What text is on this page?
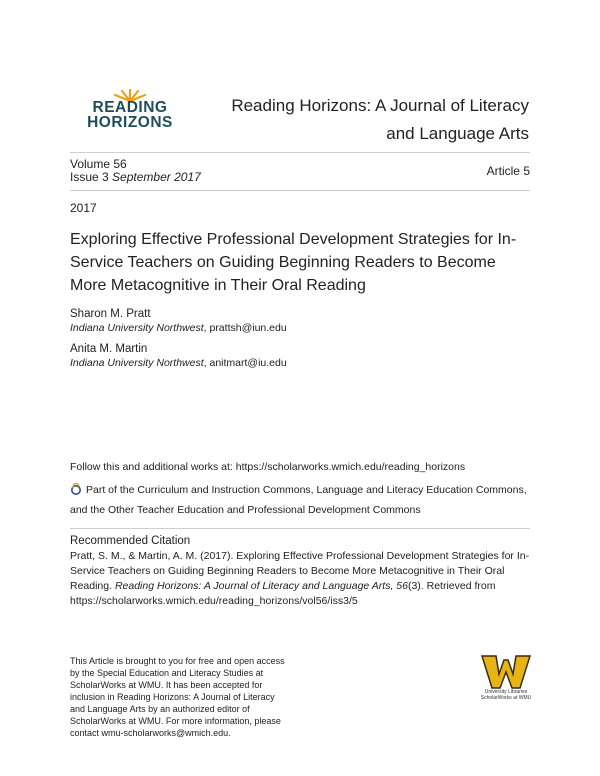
READING
HORIZONS
Reading Horizons: A Journal of Literacy and Language Arts
Volume 56
Issue 3 September 2017	Article 5
2017
Exploring Effective Professional Development Strategies for In-Service Teachers on Guiding Beginning Readers to Become More Metacognitive in Their Oral Reading
Sharon M. Pratt
Indiana University Northwest, prattsh@iun.edu
Anita M. Martin
Indiana University Northwest, anitmart@iu.edu
Follow this and additional works at: https://scholarworks.wmich.edu/reading_horizons
Part of the Curriculum and Instruction Commons, Language and Literacy Education Commons, and the Other Teacher Education and Professional Development Commons
Recommended Citation
Pratt, S. M., & Martin, A. M. (2017). Exploring Effective Professional Development Strategies for In-Service Teachers on Guiding Beginning Readers to Become More Metacognitive in Their Oral Reading. Reading Horizons: A Journal of Literacy and Language Arts, 56(3). Retrieved from https://scholarworks.wmich.edu/reading_horizons/vol56/iss3/5
This Article is brought to you for free and open access by the Special Education and Literacy Studies at ScholarWorks at WMU. It has been accepted for inclusion in Reading Horizons: A Journal of Literacy and Language Arts by an authorized editor of ScholarWorks at WMU. For more information, please contact wmu-scholarworks@wmich.edu.
University Libraries
ScholarWorks at WMU
